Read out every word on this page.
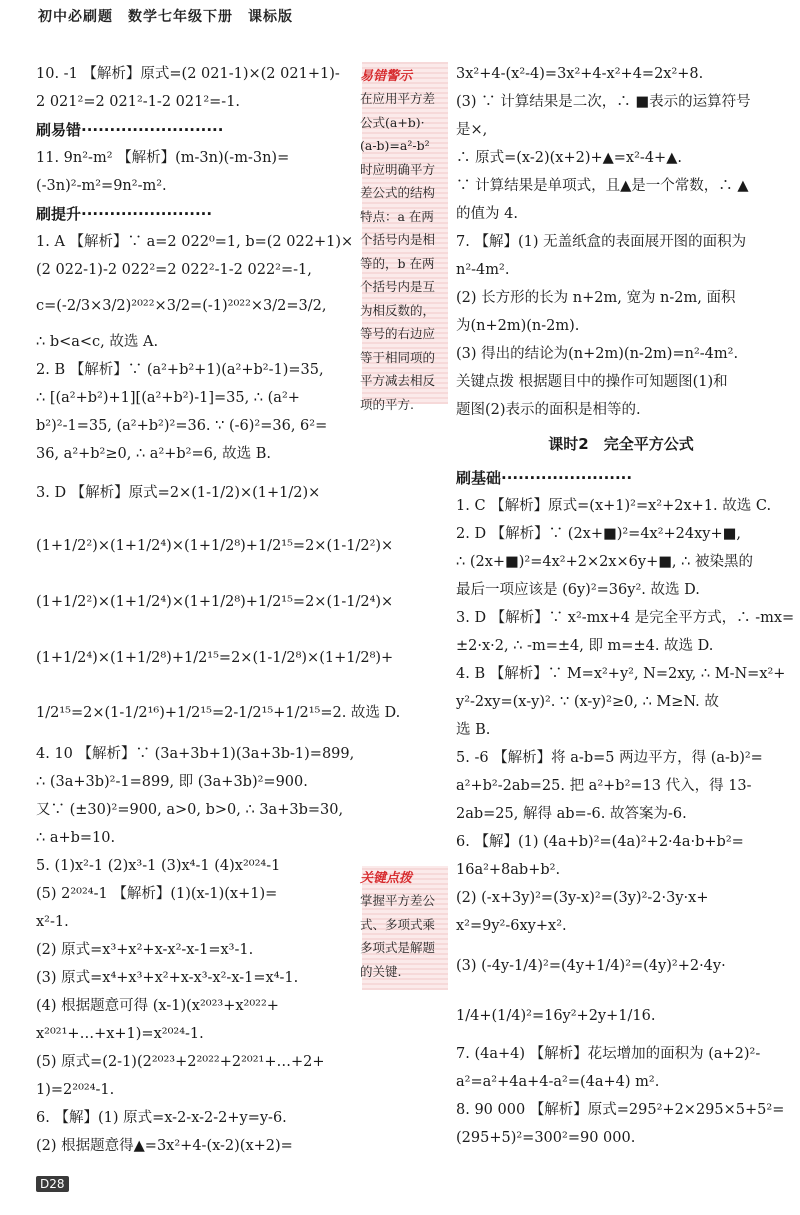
初中必刷题　数学七年级下册　课标版
10. -1 【解析】原式=(2 021-1)×(2 021+1)-
2 021²=2 021²-1-2 021²=-1.
刷易错·························
11. 9n²-m² 【解析】(m-3n)(-m-3n)=
(-3n)²-m²=9n²-m².
刷提升·······················
1. A 【解析】∵ a=2 022⁰=1, b=(2 022+1)×
(2 022-1)-2 022²=2 022²-1-2 022²=-1,
c=(-2/3×3/2)²⁰²²×3/2=(-1)²⁰²²×3/2=3/2,
∴ b<a<c, 故选 A.
2. B 【解析】∵ (a²+b²+1)(a²+b²-1)=35,
∴ [(a²+b²)+1][(a²+b²)-1]=35, ∴ (a²+
b²)²-1=35, (a²+b²)²=36. ∵ (-6)²=36, 6²=
36, a²+b²≥0, ∴ a²+b²=6, 故选 B.
3. D 【解析】原式=2×(1-1/2)×(1+1/2)×
(1+1/2²)×(1+1/2⁴)×(1+1/2⁸)+1/2¹⁵=2×(1-1/2²)×
(1+1/2²)×(1+1/2⁴)×(1+1/2⁸)+1/2¹⁵=2×(1-1/2⁴)×
(1+1/2⁴)×(1+1/2⁸)+1/2¹⁵=2×(1-1/2⁸)×(1+1/2⁸)+
1/2¹⁵=2×(1-1/2¹⁶)+1/2¹⁵=2-1/2¹⁵+1/2¹⁵=2. 故选 D.
4. 10 【解析】∵ (3a+3b+1)(3a+3b-1)=899,
∴ (3a+3b)²-1=899, 即 (3a+3b)²=900.
又∵ (±30)²=900, a>0, b>0, ∴ 3a+3b=30,
∴ a+b=10.
5. (1)x²-1 (2)x³-1 (3)x⁴-1 (4)x²⁰²⁴-1
(5) 2²⁰²⁴-1 【解析】(1)(x-1)(x+1)=
x²-1.
(2) 原式=x³+x²+x-x²-x-1=x³-1.
(3) 原式=x⁴+x³+x²+x-x³-x²-x-1=x⁴-1.
(4) 根据题意可得 (x-1)(x²⁰²³+x²⁰²²+
x²⁰²¹+…+x+1)=x²⁰²⁴-1.
(5) 原式=(2-1)(2²⁰²³+2²⁰²²+2²⁰²¹+…+2+
1)=2²⁰²⁴-1.
6. 【解】(1) 原式=x-2-x-2-2+y=y-6.
(2) 根据题意得▲=3x²+4-(x-2)(x+2)=
易错警示
在应用平方差
公式(a+b)·
(a-b)=a²-b²
时应明确平方
差公式的结构
特点：a 在两
个括号内是相
等的，b 在两
个括号内是互
为相反数的，
等号的右边应
等于相同项的
平方减去相反
项的平方.
关键点拨
掌握平方差公
式、多项式乘
多项式是解题
的关键.
3x²+4-(x²-4)=3x²+4-x²+4=2x²+8.
(3) ∵ 计算结果是二次，∴ ■表示的运算符号
是×,
∴ 原式=(x-2)(x+2)+▲=x²-4+▲.
∵ 计算结果是单项式，且▲是一个常数，∴ ▲
的值为 4.
7. 【解】(1) 无盖纸盒的表面展开图的面积为
n²-4m².
(2) 长方形的长为 n+2m, 宽为 n-2m, 面积
为(n+2m)(n-2m).
(3) 得出的结论为(n+2m)(n-2m)=n²-4m².
关键点拨 根据题目中的操作可知题图(1)和
题图(2)表示的面积是相等的.
课时2　完全平方公式
刷基础·······················
1. C 【解析】原式=(x+1)²=x²+2x+1. 故选 C.
2. D 【解析】∵ (2x+■)²=4x²+24xy+■,
∴ (2x+■)²=4x²+2×2x×6y+■, ∴ 被染黑的
最后一项应该是 (6y)²=36y². 故选 D.
3. D 【解析】∵ x²-mx+4 是完全平方式，∴ -mx=
±2·x·2, ∴ -m=±4, 即 m=±4. 故选 D.
4. B 【解析】∵ M=x²+y², N=2xy, ∴ M-N=x²+
y²-2xy=(x-y)². ∵ (x-y)²≥0, ∴ M≥N. 故
选 B.
5. -6 【解析】将 a-b=5 两边平方，得 (a-b)²=
a²+b²-2ab=25. 把 a²+b²=13 代入，得 13-
2ab=25, 解得 ab=-6. 故答案为-6.
6. 【解】(1) (4a+b)²=(4a)²+2·4a·b+b²=
16a²+8ab+b².
(2) (-x+3y)²=(3y-x)²=(3y)²-2·3y·x+
x²=9y²-6xy+x².
(3) (-4y-1/4)²=(4y+1/4)²=(4y)²+2·4y·
1/4+(1/4)²=16y²+2y+1/16.
7. (4a+4) 【解析】花坛增加的面积为 (a+2)²-
a²=a²+4a+4-a²=(4a+4) m².
8. 90 000 【解析】原式=295²+2×295×5+5²=
(295+5)²=300²=90 000.
D28
